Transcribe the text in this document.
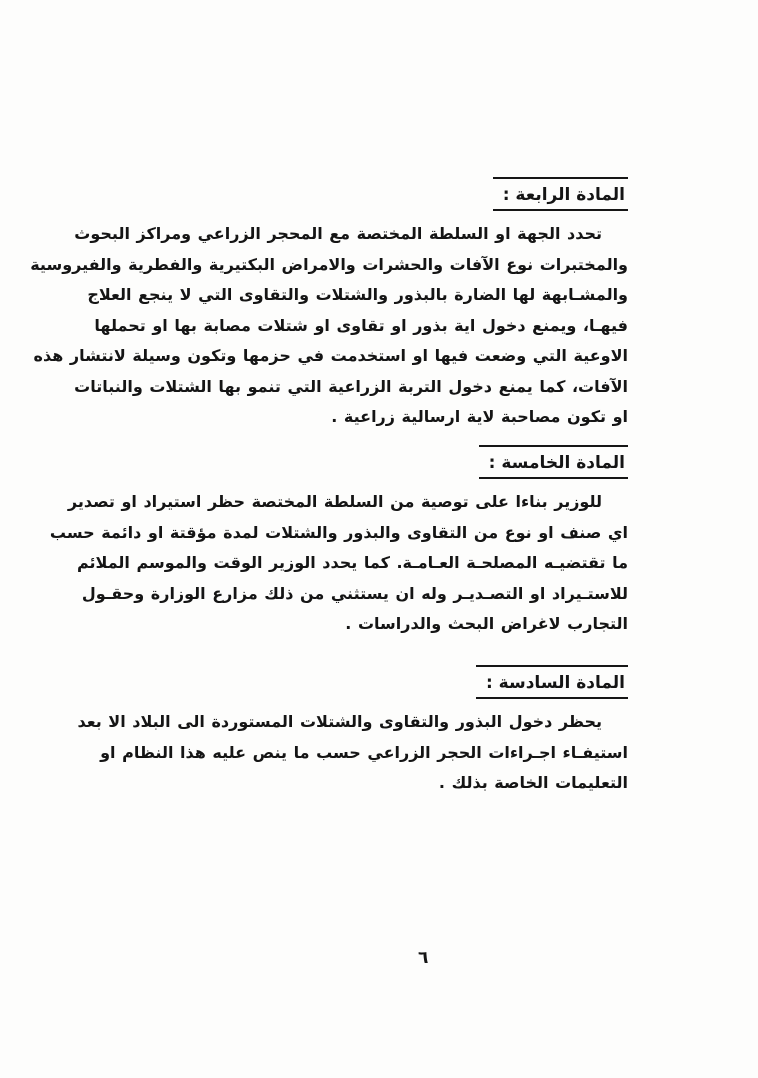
المادة الرابعة :
تحدد الجهة او السلطة المختصة مع المحجر الزراعي ومراكز البحوث
والمختبرات نوع الآفات والحشرات والامراض البكتيرية والفطرية والفيروسية
والمشـابهة لها الضارة بالبذور والشتلات والتقاوى التي لا ينجع العلاج
فيهـا، ويمنع دخول اية بذور او تقاوى او شتلات مصابة بها او تحملها
الاوعية التي وضعت فيها او استخدمت في حزمها وتكون وسيلة لانتشار هذه
الآفات، كما يمنع دخول التربة الزراعية التي تنمو بها الشتلات والنباتات
او تكون مصاحبة لاية ارسالية زراعية .
المادة الخامسة :
للوزير بناءا على توصية من السلطة المختصة حظر استيراد او تصدير
اي صنف او نوع من التقاوى والبذور والشتلات لمدة مؤقتة او دائمة حسب
ما تقتضيـه المصلحـة العـامـة. كما يحدد الوزير الوقت والموسم الملائم
للاستـيراد او التصـديـر وله ان يستثني من ذلك مزارع الوزارة وحقـول
التجارب لاغراض البحث والدراسات .
المادة السادسة :
يحظر دخول البذور والتقاوى والشتلات المستوردة الى البلاد الا بعد
استيفـاء اجـراءات الحجر الزراعي حسب ما ينص عليه هذا النظام او
التعليمات الخاصة بذلك .
٦
